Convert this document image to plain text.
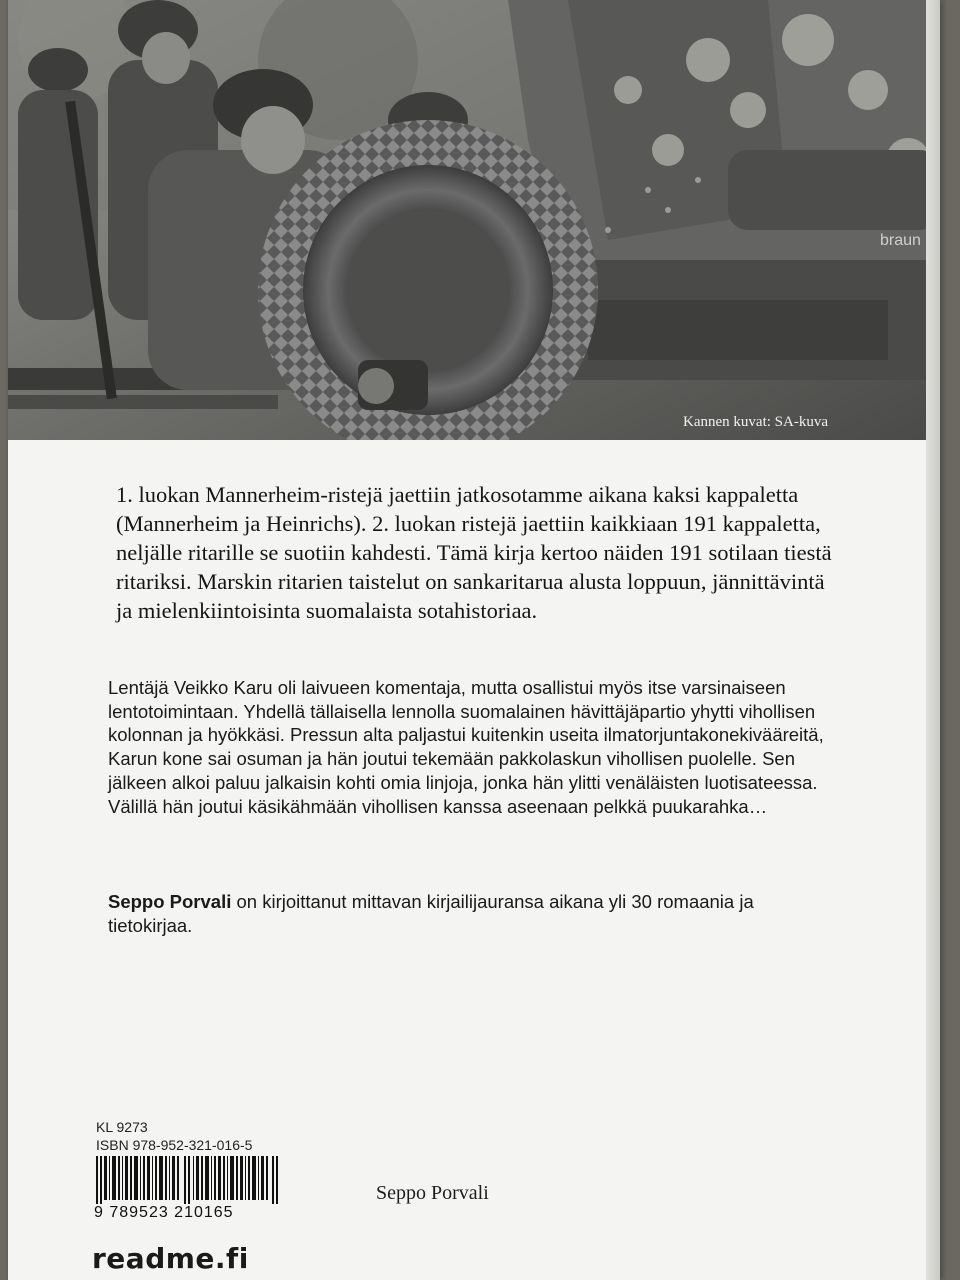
braun
Kannen kuvat: SA-kuva

1. luokan Mannerheim-ristejä jaettiin jatkosotamme aikana kaksi kappaletta (Mannerheim ja Heinrichs). 2. luokan ristejä jaettiin kaikkiaan 191 kappaletta, neljälle ritarille se suotiin kahdesti. Tämä kirja kertoo näiden 191 sotilaan tiestä ritariksi. Marskin ritarien taistelut on sankaritarua alusta loppuun, jännittävintä ja mielenkiintoisinta suomalaista sotahistoriaa.

Lentäjä Veikko Karu oli laivueen komentaja, mutta osallistui myös itse varsinaiseen lentotoimintaan. Yhdellä tällaisella lennolla suomalainen hävittäjäpartio yhytti vihollisen kolonnan ja hyökkäsi. Pressun alta paljastui kuitenkin useita ilmatorjuntakonekivääreitä, Karun kone sai osuman ja hän joutui tekemään pakkolaskun vihollisen puolelle. Sen jälkeen alkoi paluu jalkaisin kohti omia linjoja, jonka hän ylitti venäläisten luotisateessa. Välillä hän joutui käsikähmään vihollisen kanssa aseenaan pelkkä puukarahka…

Seppo Porvali on kirjoittanut mittavan kirjailijauransa aikana yli 30 romaania ja tietokirjaa.

KL 9273
ISBN 978-952-321-016-5
9 789523 210165
readme.fi
Seppo Porvali
